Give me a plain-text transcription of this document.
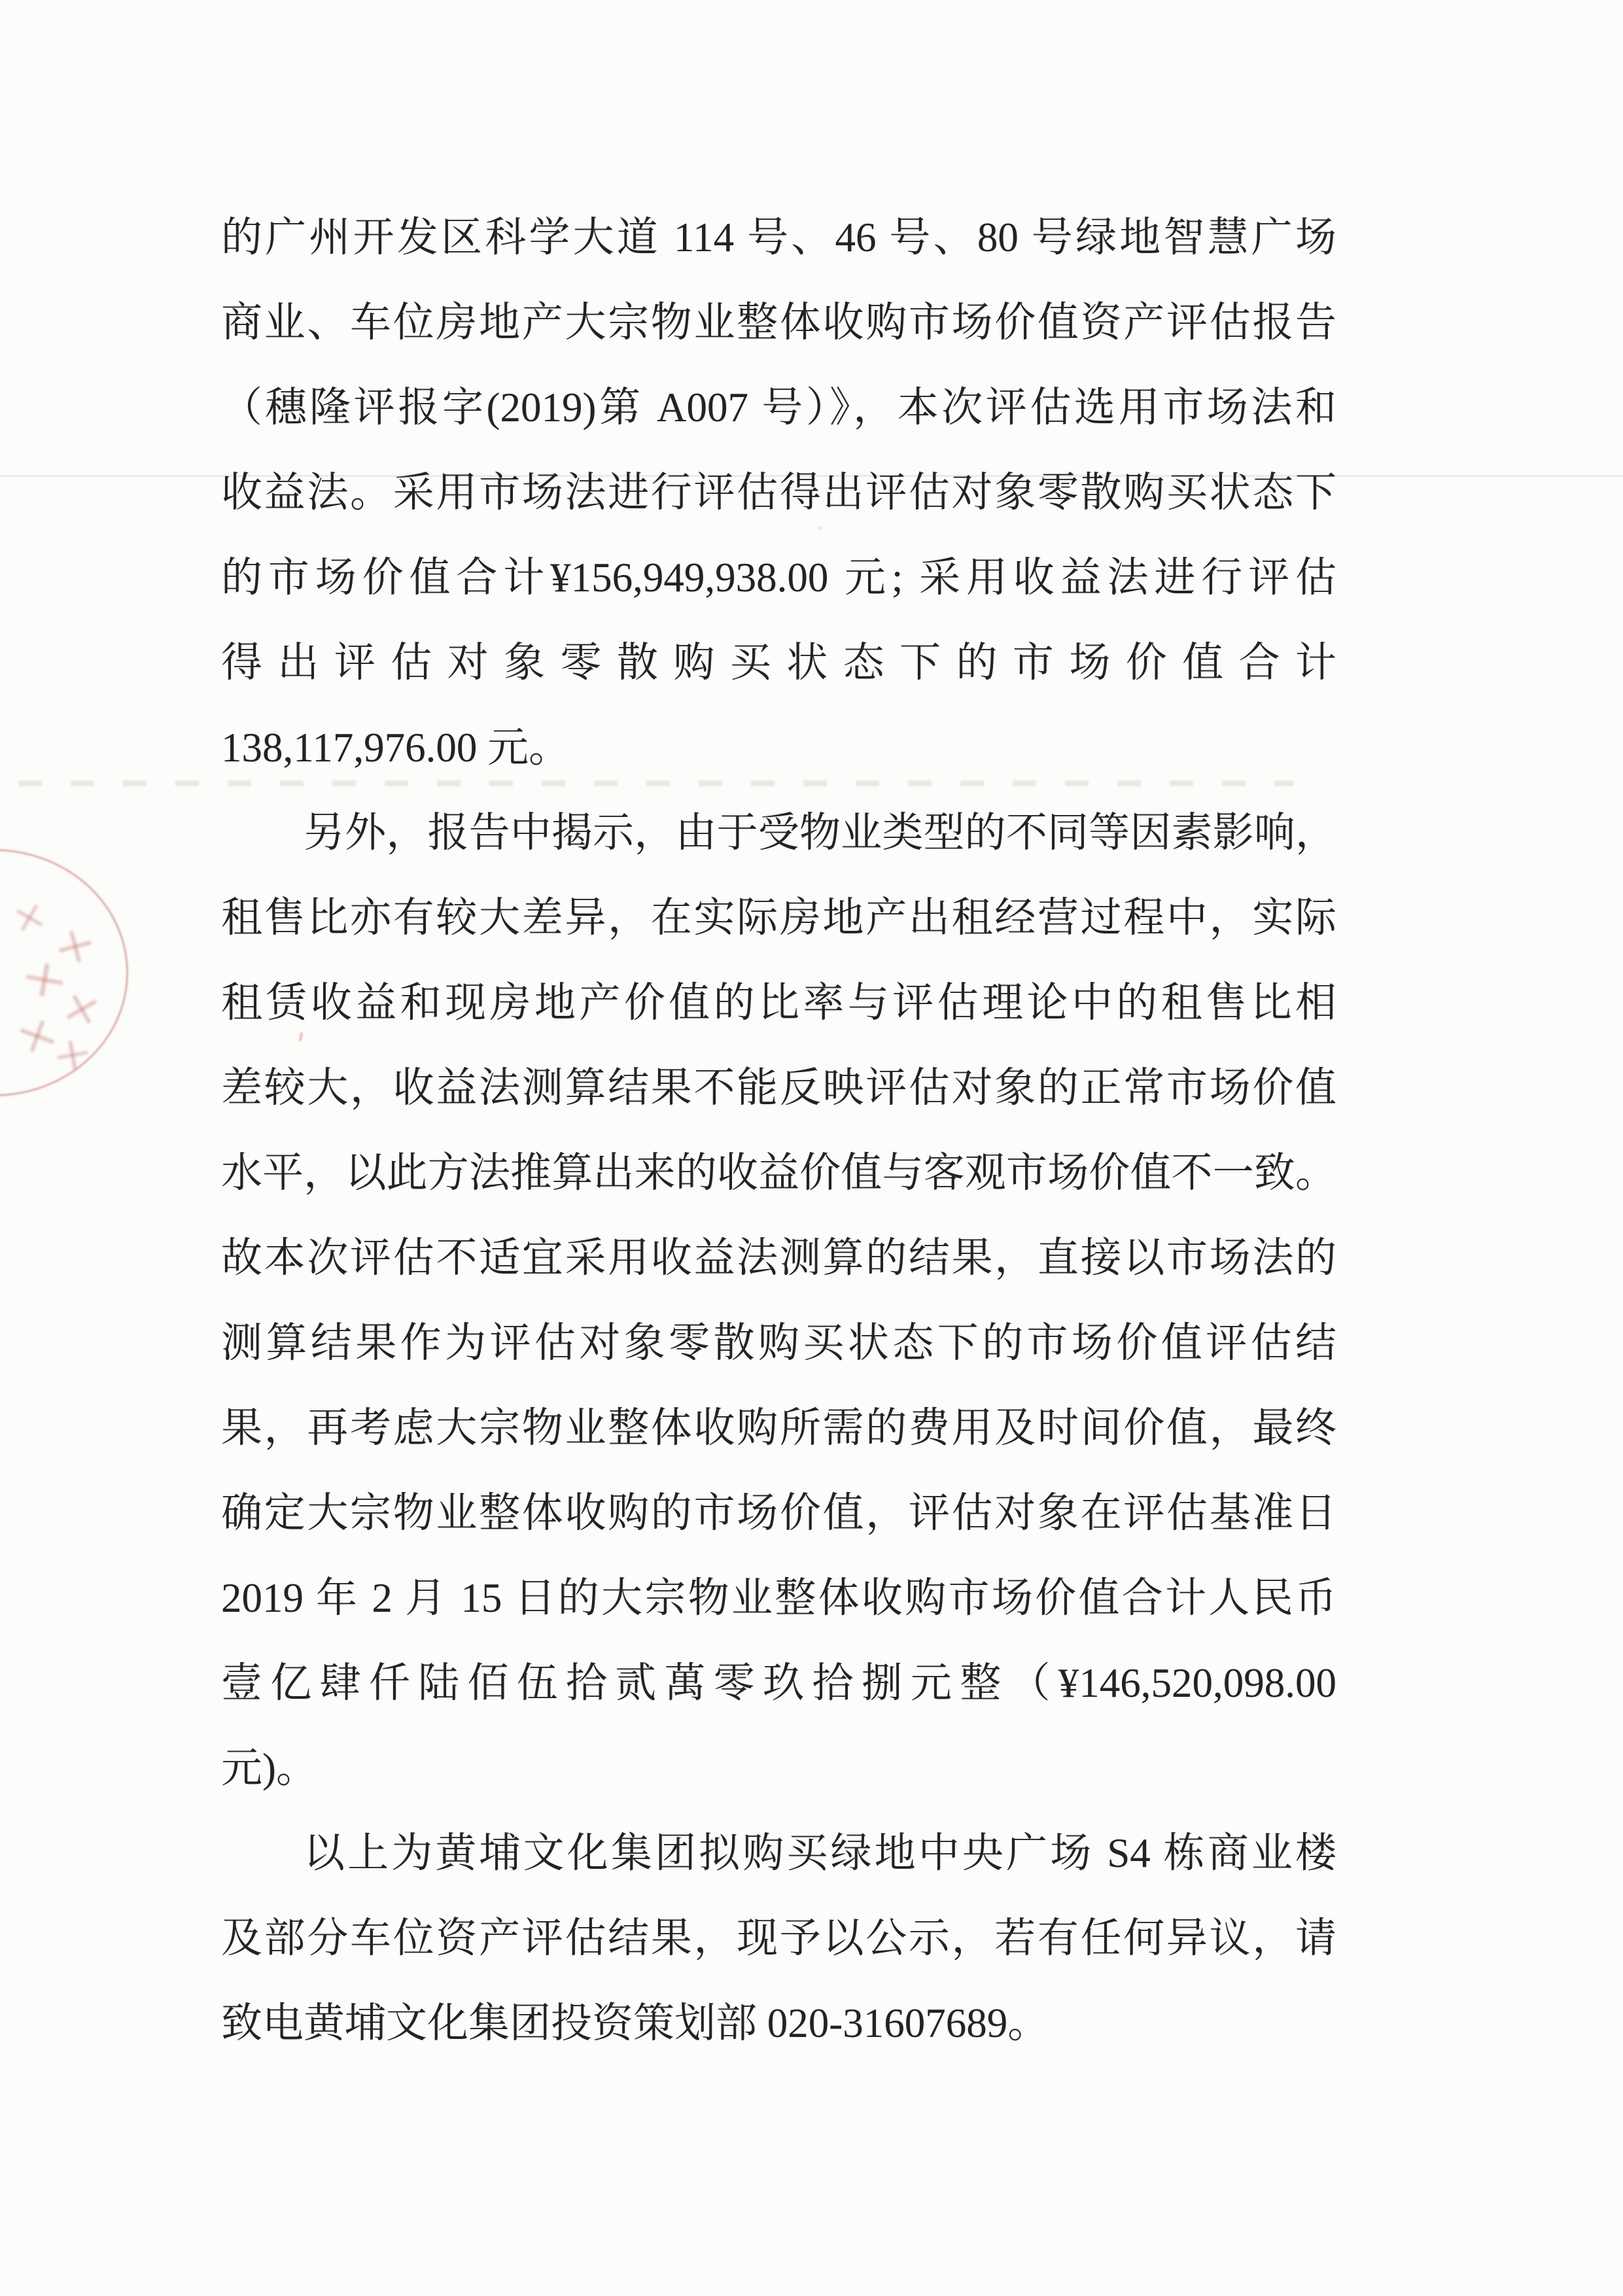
的广州开发区科学大道 114 号、46 号、80 号绿地智慧广场
商业、车位房地产大宗物业整体收购市场价值资产评估报告
（穗隆评报字(2019)第 A007 号）》，本次评估选用市场法和
收益法。采用市场法进行评估得出评估对象零散购买状态下
的市场价值合计¥156,949,938.00 元; 采用收益法进行评估
得 出 评 估 对 象 零 散 购 买 状 态 下 的 市 场 价 值 合 计
138,117,976.00 元。
另外，报告中揭示，由于受物业类型的不同等因素影响，
租售比亦有较大差异，在实际房地产出租经营过程中，实际
租赁收益和现房地产价值的比率与评估理论中的租售比相
差较大，收益法测算结果不能反映评估对象的正常市场价值
水平，以此方法推算出来的收益价值与客观市场价值不一致。
故本次评估不适宜采用收益法测算的结果，直接以市场法的
测算结果作为评估对象零散购买状态下的市场价值评估结
果，再考虑大宗物业整体收购所需的费用及时间价值，最终
确定大宗物业整体收购的市场价值，评估对象在评估基准日
2019 年 2 月 15 日的大宗物业整体收购市场价值合计人民币
壹亿肆仟陆佰伍拾贰萬零玖拾捌元整（¥146,520,098.00
元)。
以上为黄埔文化集团拟购买绿地中央广场 S4 栋商业楼
及部分车位资产评估结果，现予以公示，若有任何异议，请
致电黄埔文化集团投资策划部 020-31607689。
